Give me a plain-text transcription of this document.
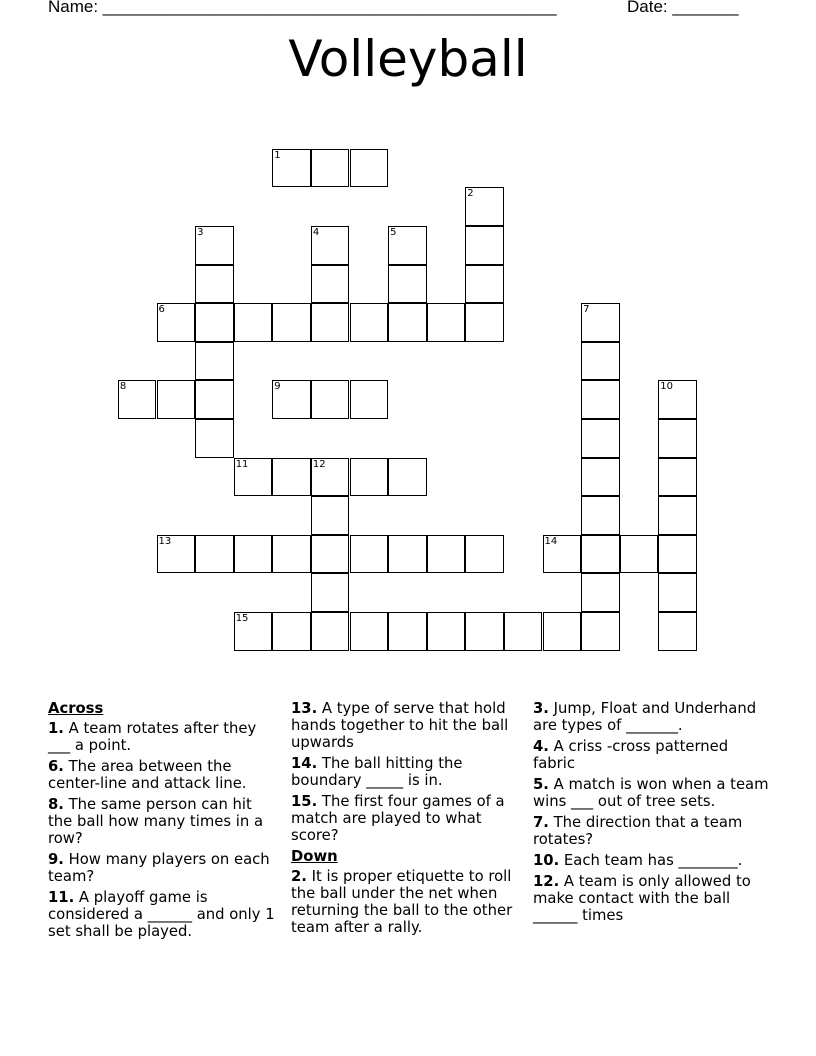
Name: ________________________________________________	Date: _______
Volleyball
1
2
3	4	5
6	7
8	9	10
11	12
13	14
15
Across
1. A team rotates after they ___ a point.
6. The area between the center-line and attack line.
8. The same person can hit the ball how many times in a row?
9. How many players on each team?
11. A playoff game is considered a ______ and only 1 set shall be played.
13. A type of serve that hold hands together to hit the ball upwards
14. The ball hitting the boundary _____ is in.
15. The first four games of a match are played to what score?
Down
2. It is proper etiquette to roll the ball under the net when returning the ball to the other team after a rally.
3. Jump, Float and Underhand are types of _______.
4. A criss -cross patterned fabric
5. A match is won when a team wins ___ out of tree sets.
7. The direction that a team rotates?
10. Each team has ________.
12. A team is only allowed to make contact with the ball ______ times
